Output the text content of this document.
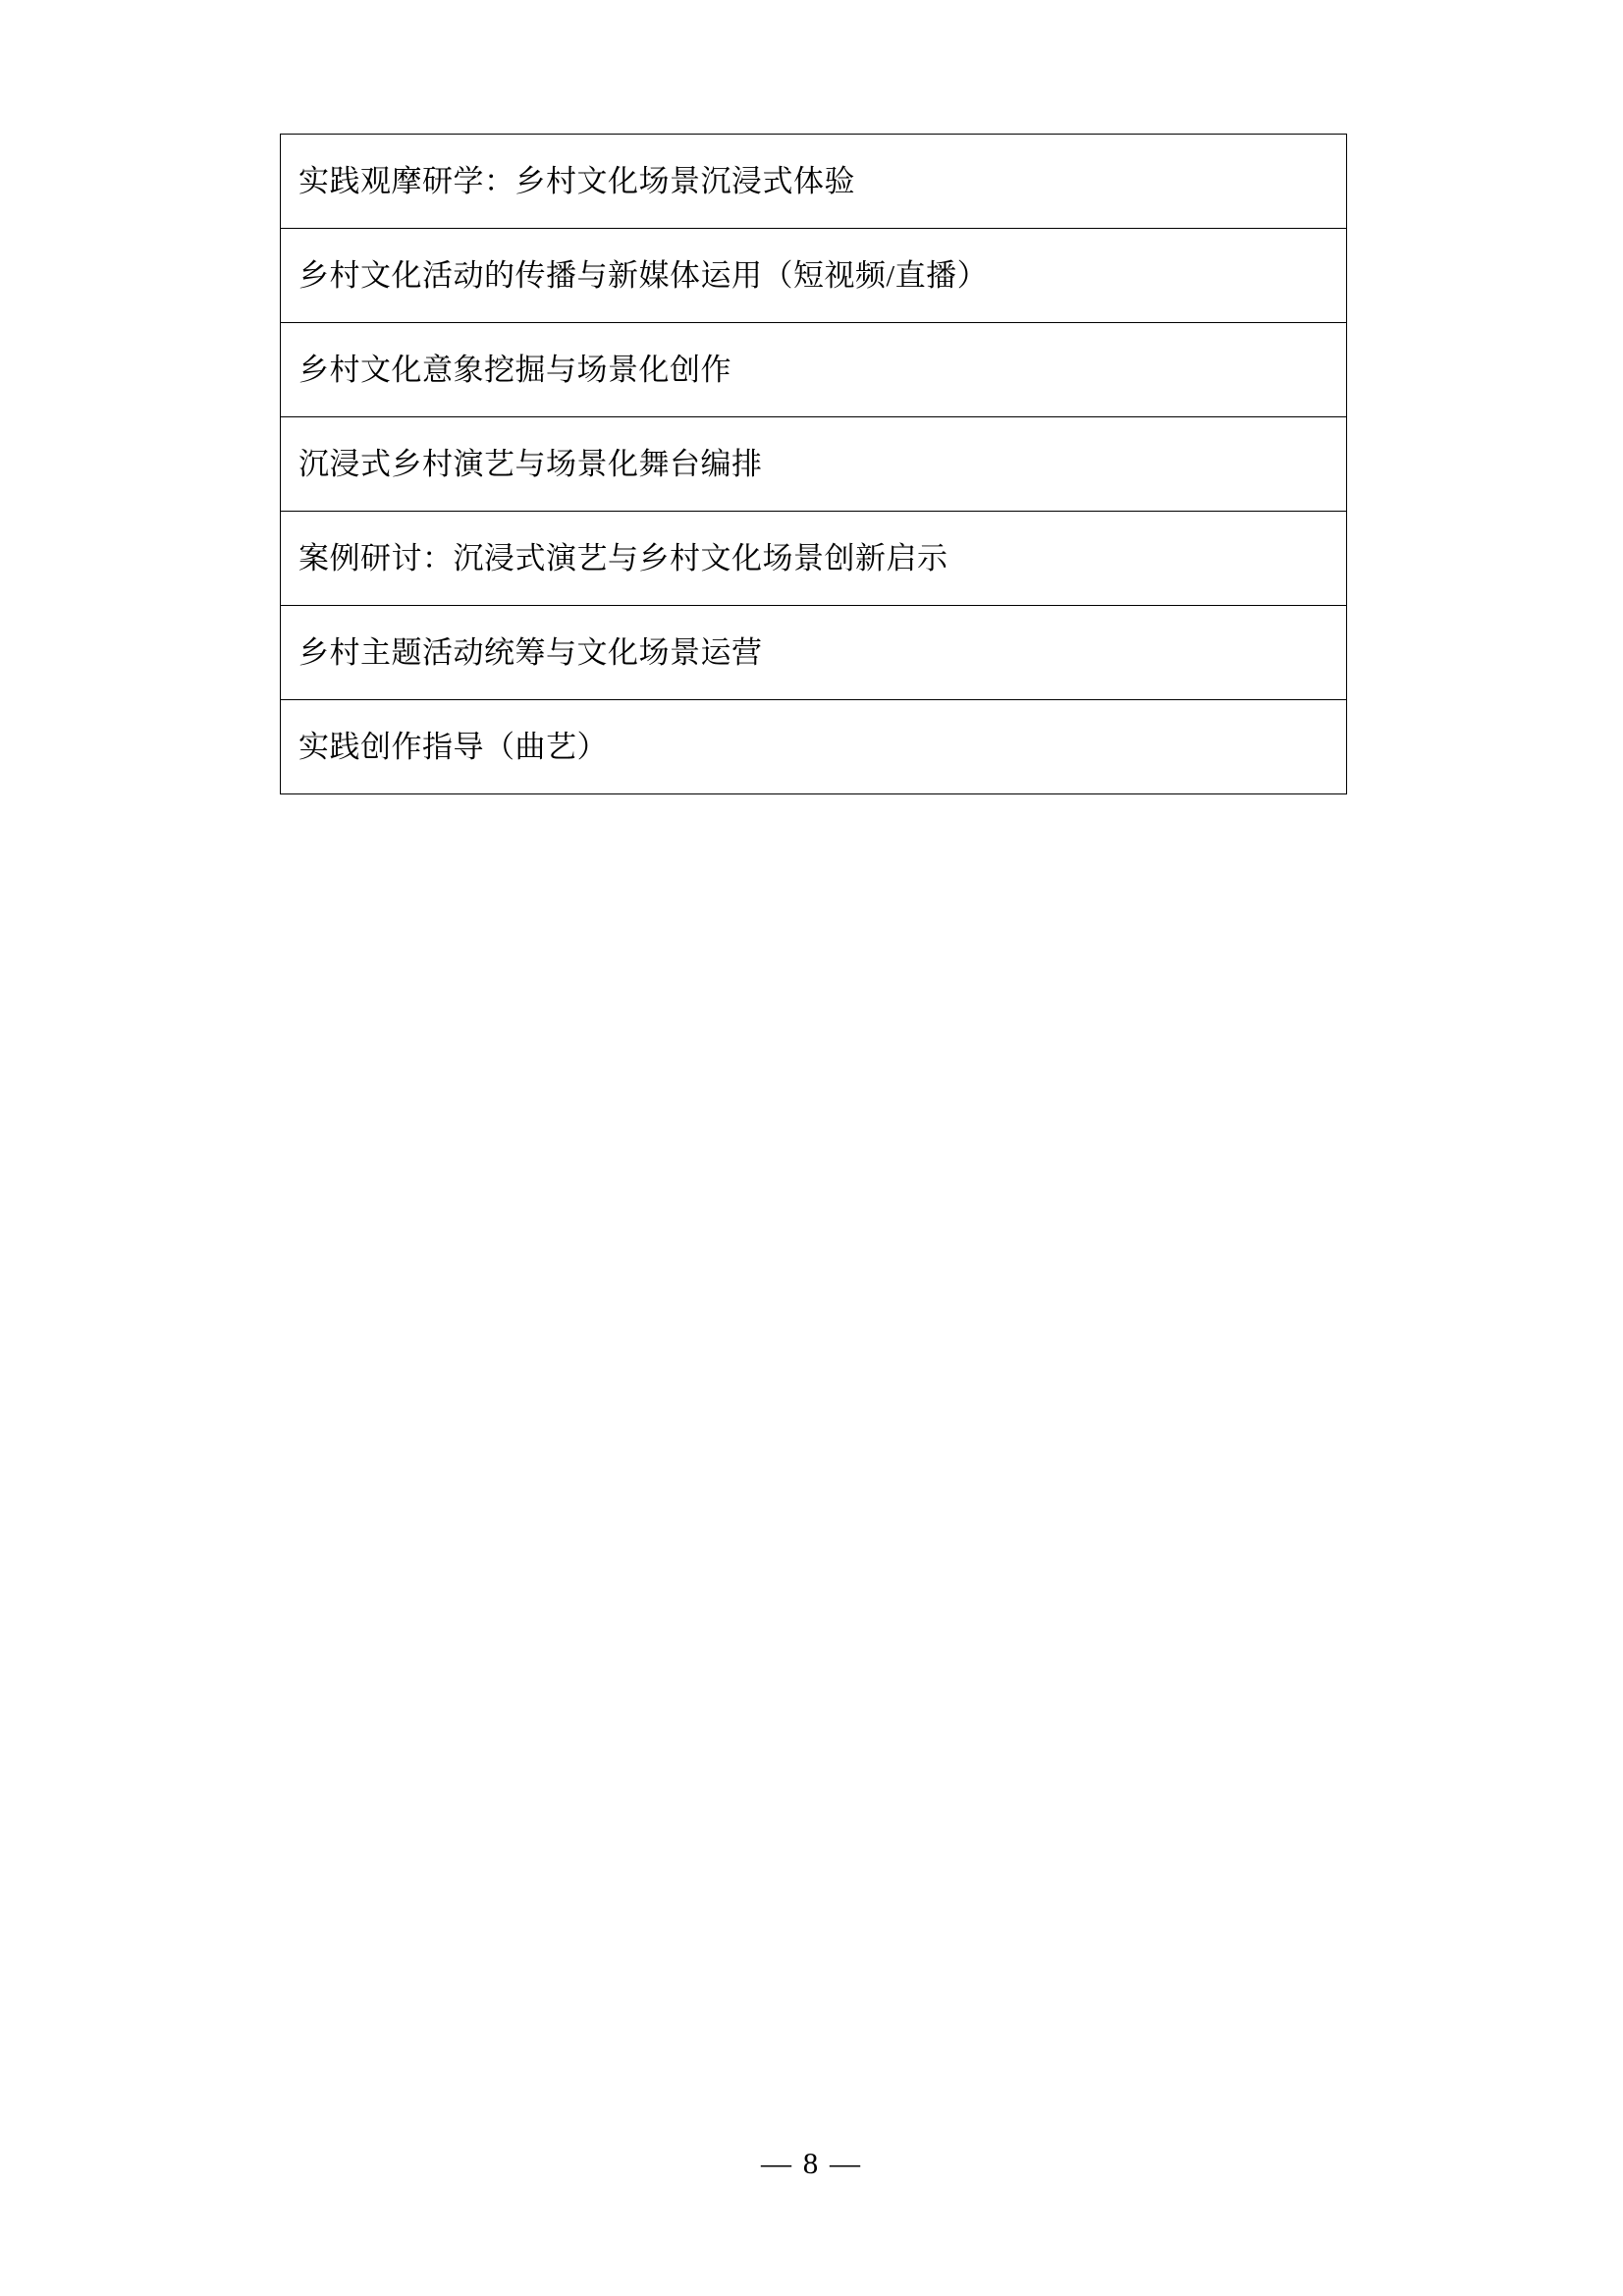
实践观摩研学：乡村文化场景沉浸式体验
乡村文化活动的传播与新媒体运用（短视频/直播）
乡村文化意象挖掘与场景化创作
沉浸式乡村演艺与场景化舞台编排
案例研讨：沉浸式演艺与乡村文化场景创新启示
乡村主题活动统筹与文化场景运营
实践创作指导（曲艺）
— 8 —
